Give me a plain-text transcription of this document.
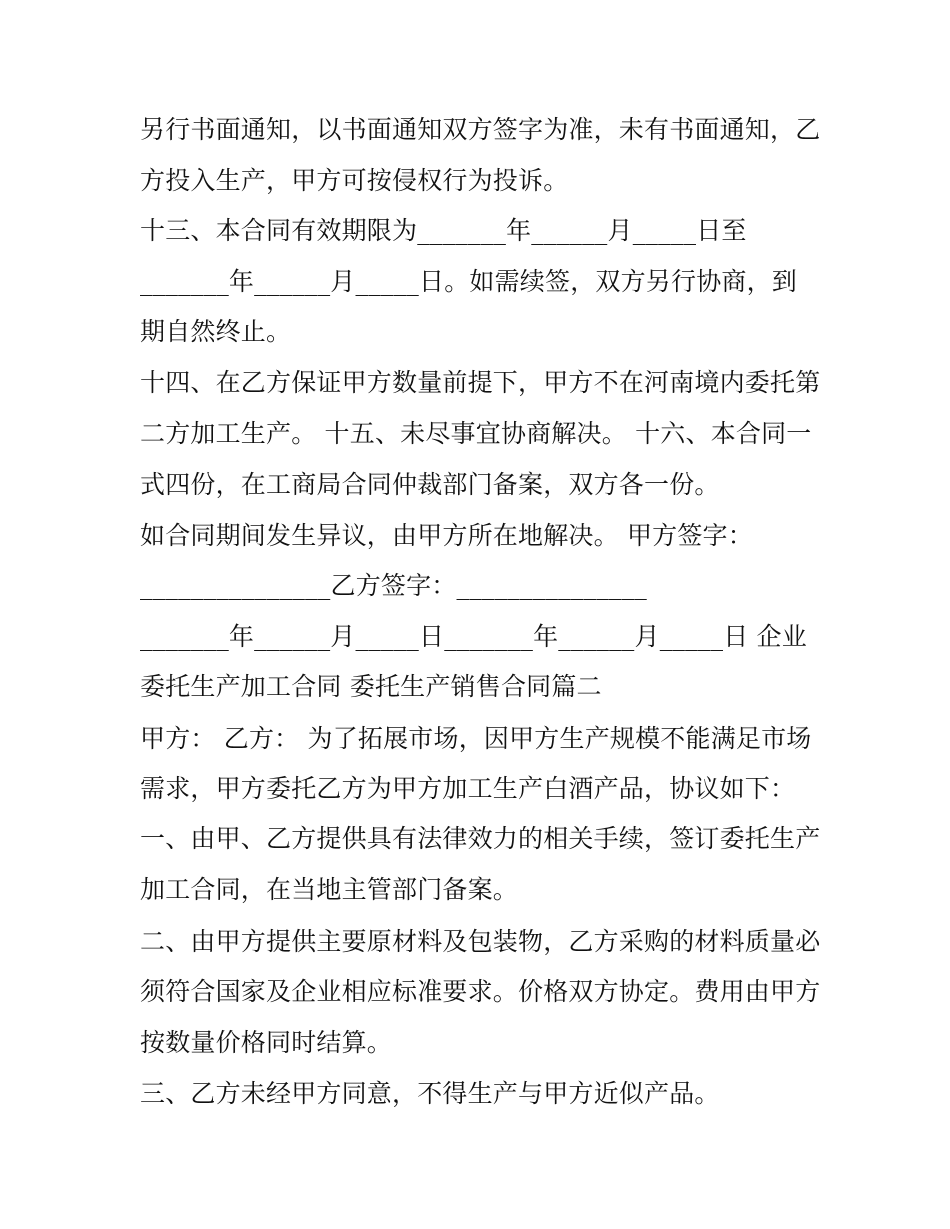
另行书面通知，以书面通知双方签字为准，未有书面通知，乙
方投入生产，甲方可按侵权行为投诉。
十三、本合同有效期限为_______年______月_____日至
_______年______月_____日。如需续签，双方另行协商，到
期自然终止。
十四、在乙方保证甲方数量前提下，甲方不在河南境内委托第
二方加工生产。 十五、未尽事宜协商解决。 十六、本合同一
式四份，在工商局合同仲裁部门备案，双方各一份。
如合同期间发生异议，由甲方所在地解决。 甲方签字：
_______________乙方签字：_______________
_______年______月_____日_______年______月_____日 企业
委托生产加工合同 委托生产销售合同篇二
甲方： 乙方： 为了拓展市场，因甲方生产规模不能满足市场
需求，甲方委托乙方为甲方加工生产白酒产品，协议如下：
一、由甲、乙方提供具有法律效力的相关手续，签订委托生产
加工合同，在当地主管部门备案。
二、由甲方提供主要原材料及包装物，乙方采购的材料质量必
须符合国家及企业相应标准要求。价格双方协定。费用由甲方
按数量价格同时结算。
三、乙方未经甲方同意，不得生产与甲方近似产品。
